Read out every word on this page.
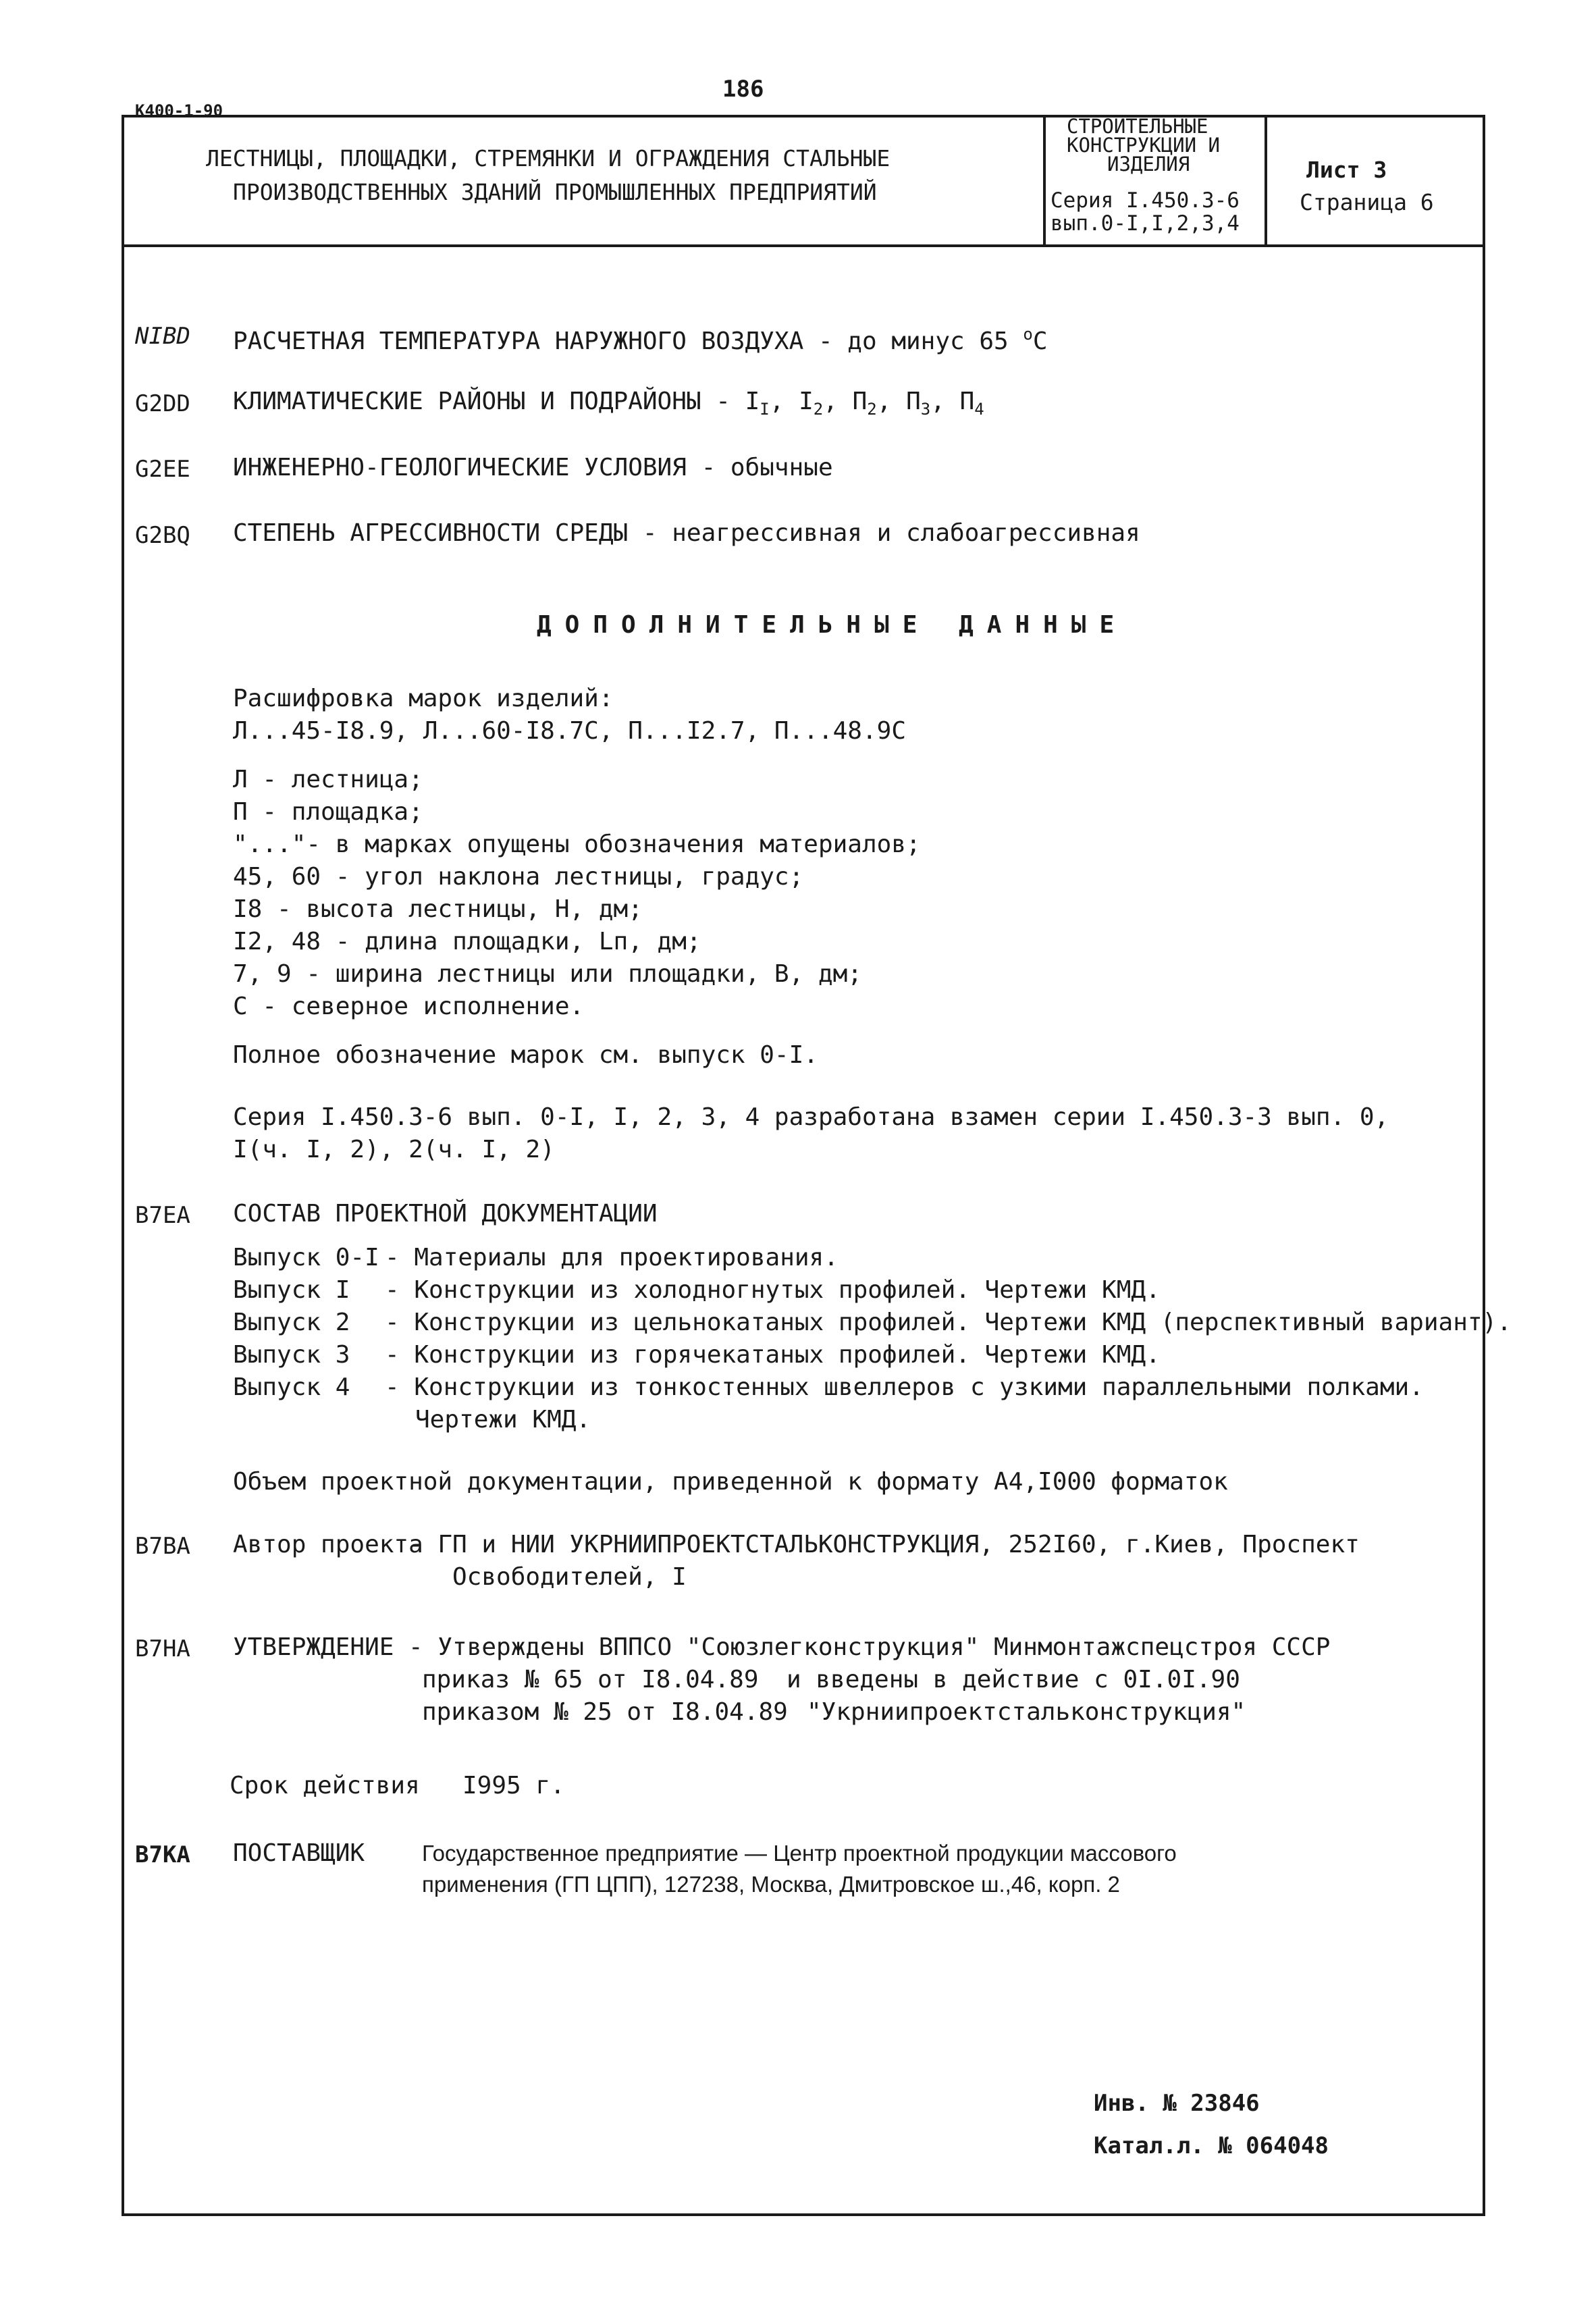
186
К400-1-90
ЛЕСТНИЦЫ, ПЛОЩАДКИ, СТРЕМЯНКИ И ОГРАЖДЕНИЯ СТАЛЬНЫЕ
ПРОИЗВОДСТВЕННЫХ ЗДАНИЙ ПРОМЫШЛЕННЫХ ПРЕДПРИЯТИЙ
СТРОИТЕЛЬНЫЕ
КОНСТРУКЦИИ И
ИЗДЕЛИЯ
Серия I.450.3-6
вып.0-I,I,2,3,4
Лист 3
Страница 6
NIBD РАСЧЕТНАЯ ТЕМПЕРАТУРА НАРУЖНОГО ВОЗДУХА - до минус 65 $^о$С
G2DD КЛИМАТИЧЕСКИЕ РАЙОНЫ И ПОДРАЙОНЫ - $I_I$, $I_2$, $П_2$, $П_3$, $П_4$
G2EE ИНЖЕНЕРНО-ГЕОЛОГИЧЕСКИЕ УСЛОВИЯ - обычные
G2BQ СТЕПЕНЬ АГРЕССИВНОСТИ СРЕДЫ - неагрессивная и слабоагрессивная
ДОПОЛНИТЕЛЬНЫЕ ДАННЫЕ
Расшифровка марок изделий:
Л...45-I8.9, Л...60-I8.7С, П...I2.7, П...48.9С
Л - лестница;
П - площадка;
"..."- в марках опущены обозначения материалов;
45, 60 - угол наклона лестницы, градус;
I8 - высота лестницы, Н, дм;
I2, 48 - длина площадки, Lп, дм;
7, 9 - ширина лестницы или площадки, В, дм;
С - северное исполнение.
Полное обозначение марок см. выпуск 0-I.
Серия I.450.3-6 вып. 0-I, I, 2, 3, 4 разработана взамен серии I.450.3-3 вып. 0,
I(ч. I, 2), 2(ч. I, 2)
B7EA СОСТАВ ПРОЕКТНОЙ ДОКУМЕНТАЦИИ
Выпуск 0-I - Материалы для проектирования.
Выпуск I - Конструкции из холодногнутых профилей. Чертежи КМД.
Выпуск 2 - Конструкции из цельнокатаных профилей. Чертежи КМД (перспективный вариант).
Выпуск 3 - Конструкции из горячекатаных профилей. Чертежи КМД.
Выпуск 4 - Конструкции из тонкостенных швеллеров с узкими параллельными полками.
Чертежи КМД.
Объем проектной документации, приведенной к формату А4,I000 форматок
B7BA Автор проекта
- ГП и НИИ УКРНИИПРОЕКТСТАЛЬКОНСТРУКЦИЯ, 252I60, г.Киев, Проспект
Освободителей, I
B7HA УТВЕРЖДЕНИЕ - Утверждены ВППСО "Союзлегконструкция" Минмонтажспецстроя СССР
приказ № 65 от I8.04.89 и введены в действие с 0I.0I.90
приказом № 25 от I8.04.89 "Укрниипроектстальконструкция"
Срок действия I995 г.
B7KA ПОСТАВЩИК	Государственное предприятие — Центр проектной продукции массового
применения (ГП ЦПП), 127238, Москва, Дмитровское ш.,46, корп. 2
Инв. № 23846
Катал.л. № 064048
